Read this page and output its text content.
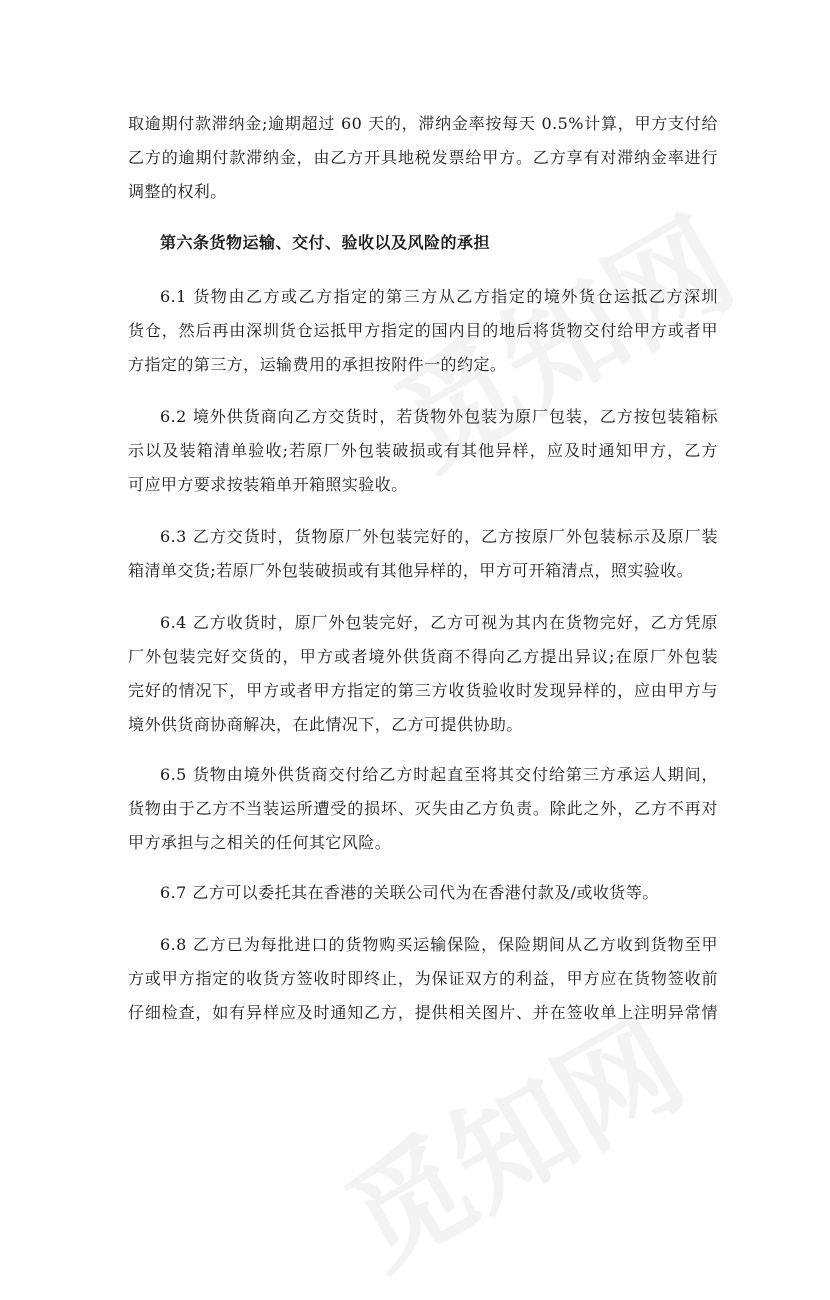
取逾期付款滞纳金;逾期超过 60 天的，滞纳金率按每天 0.5%计算，甲方支付给
乙方的逾期付款滞纳金，由乙方开具地税发票给甲方。乙方享有对滞纳金率进行
调整的权利。
第六条货物运输、交付、验收以及风险的承担
6.1 货物由乙方或乙方指定的第三方从乙方指定的境外货仓运抵乙方深圳
货仓，然后再由深圳货仓运抵甲方指定的国内目的地后将货物交付给甲方或者甲
方指定的第三方，运输费用的承担按附件一的约定。
6.2 境外供货商向乙方交货时，若货物外包装为原厂包装，乙方按包装箱标
示以及装箱清单验收;若原厂外包装破损或有其他异样，应及时通知甲方，乙方
可应甲方要求按装箱单开箱照实验收。
6.3 乙方交货时，货物原厂外包装完好的，乙方按原厂外包装标示及原厂装
箱清单交货;若原厂外包装破损或有其他异样的，甲方可开箱清点，照实验收。
6.4 乙方收货时，原厂外包装完好，乙方可视为其内在货物完好，乙方凭原
厂外包装完好交货的，甲方或者境外供货商不得向乙方提出异议;在原厂外包装
完好的情况下，甲方或者甲方指定的第三方收货验收时发现异样的，应由甲方与
境外供货商协商解决，在此情况下，乙方可提供协助。
6.5 货物由境外供货商交付给乙方时起直至将其交付给第三方承运人期间，
货物由于乙方不当装运所遭受的损坏、灭失由乙方负责。除此之外，乙方不再对
甲方承担与之相关的任何其它风险。
6.7 乙方可以委托其在香港的关联公司代为在香港付款及/或收货等。
6.8 乙方已为每批进口的货物购买运输保险，保险期间从乙方收到货物至甲
方或甲方指定的收货方签收时即终止，为保证双方的利益，甲方应在货物签收前
仔细检查，如有异样应及时通知乙方，提供相关图片、并在签收单上注明异常情
